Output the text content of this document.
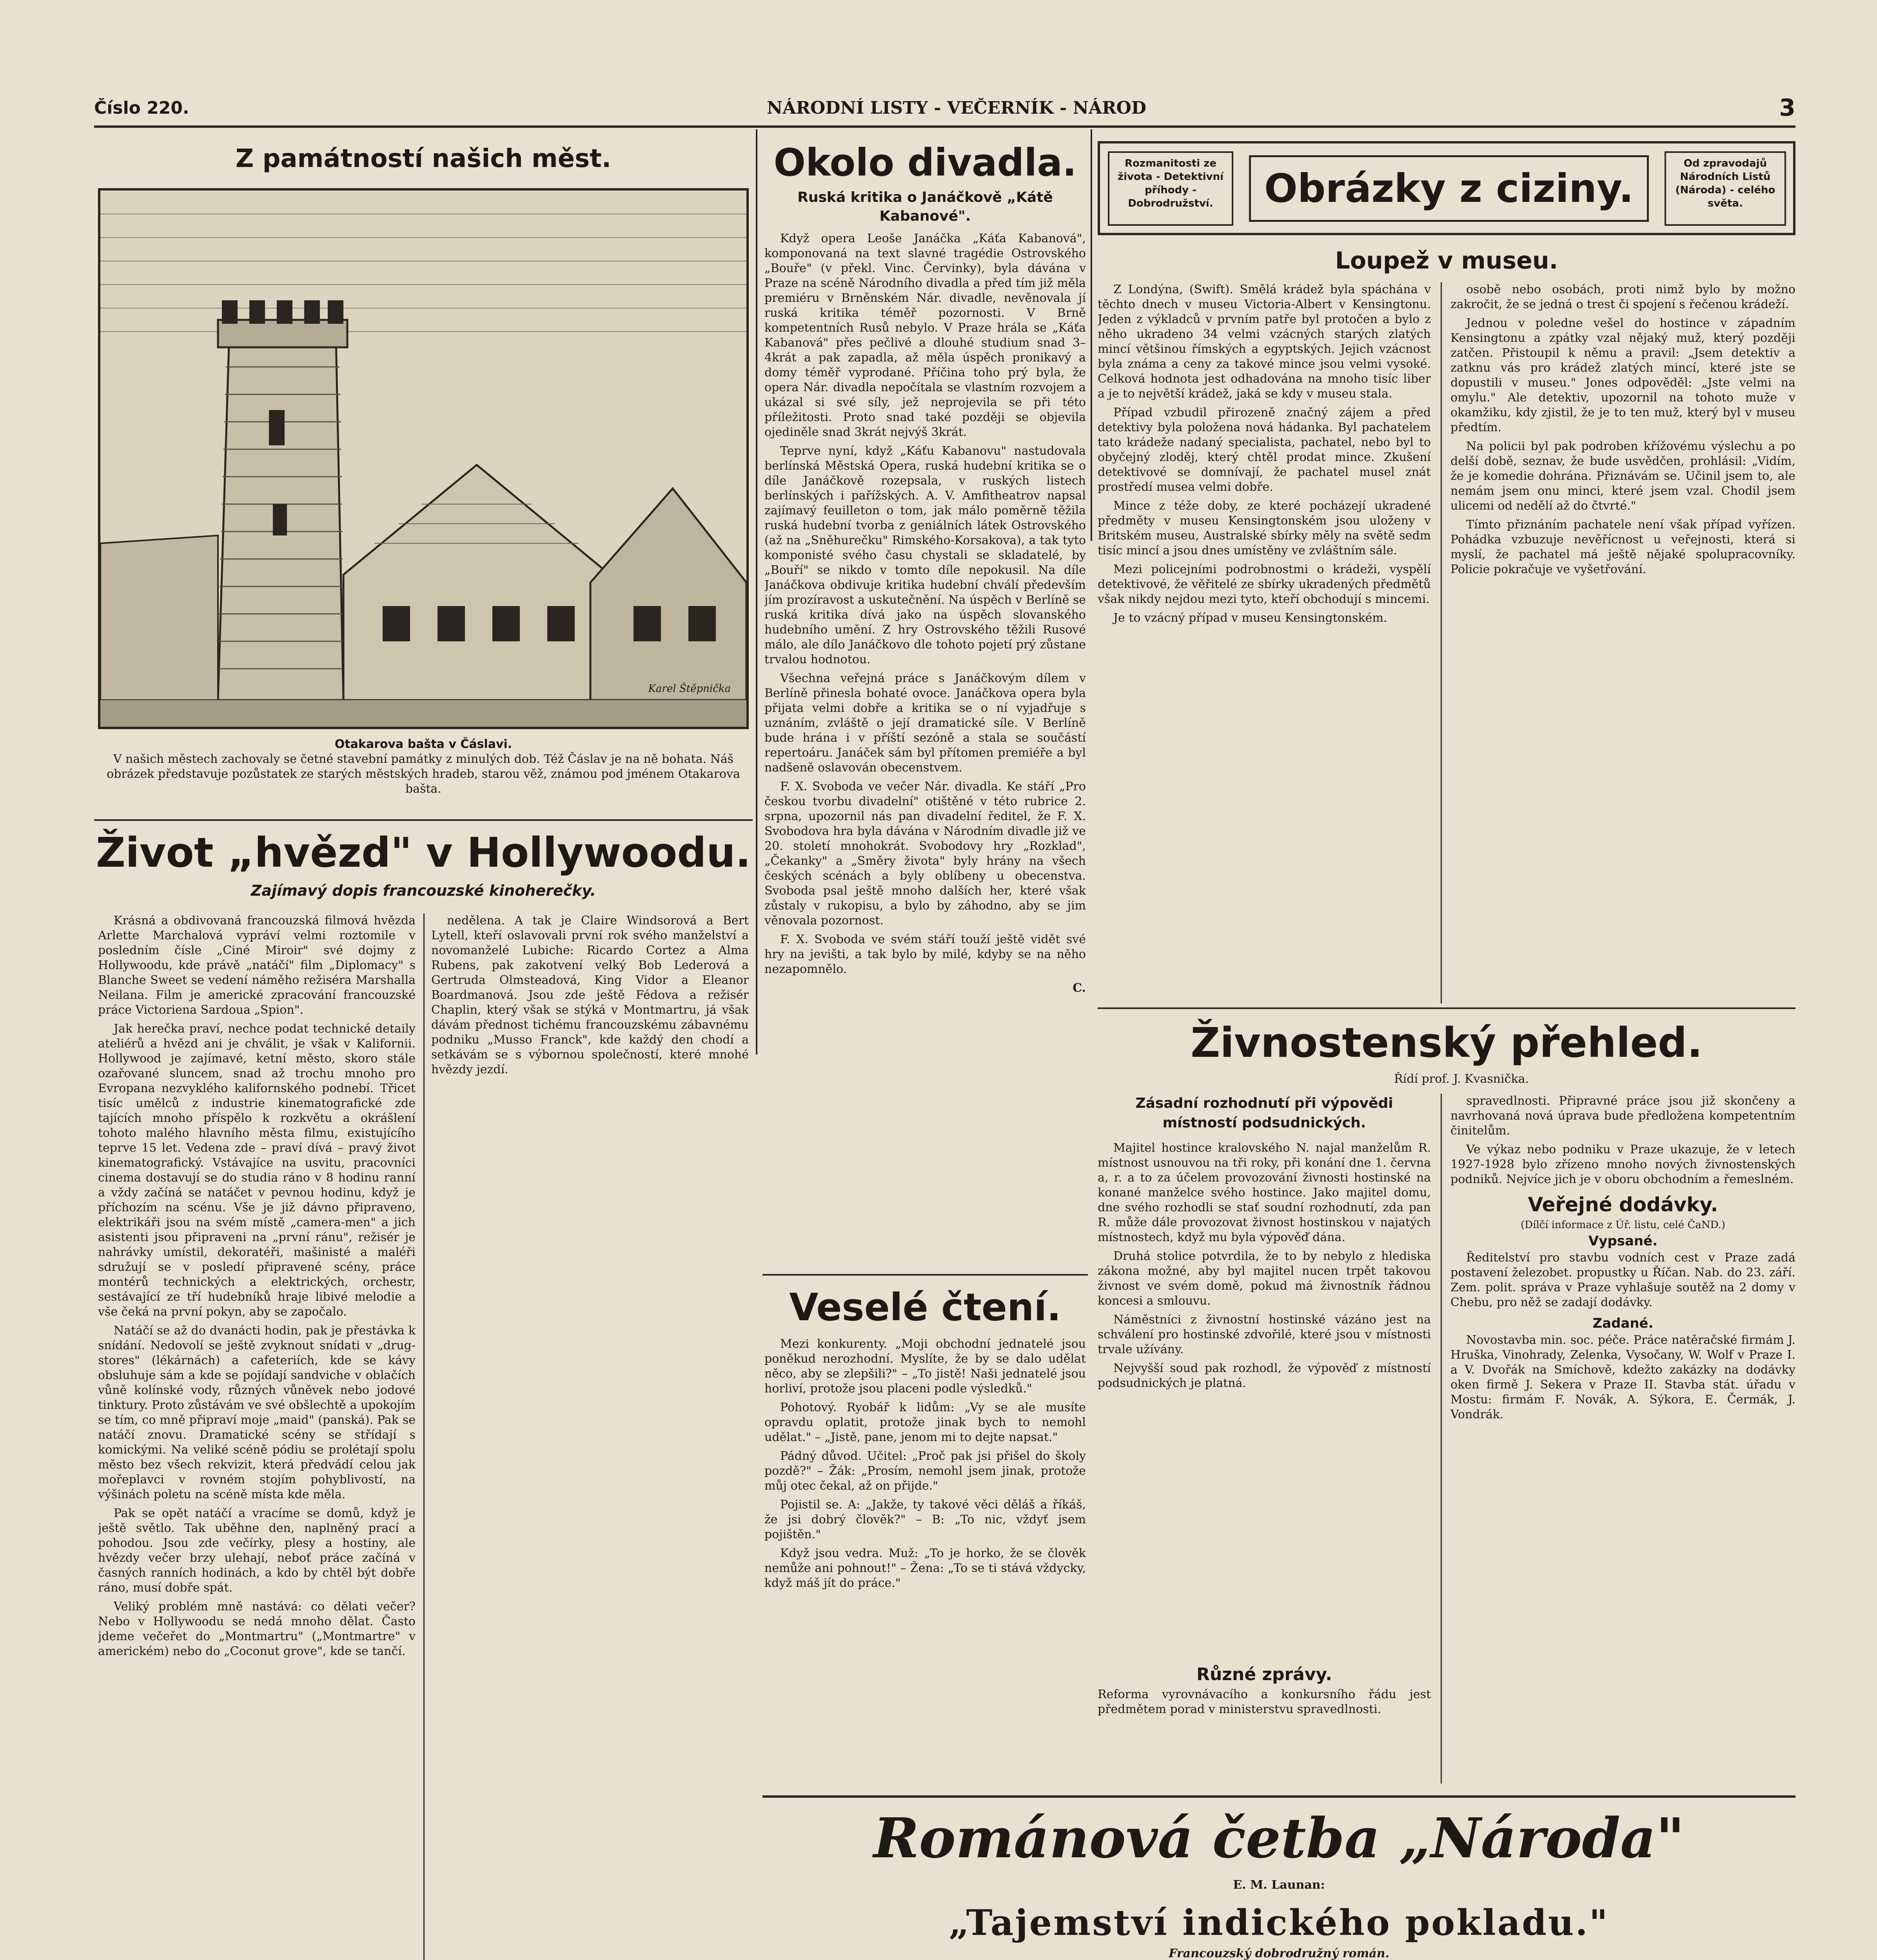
Číslo 220.	NÁRODNÍ LISTY - VEČERNÍK - NÁROD	3
Z památností našich měst.
Karel Štěpnička
Otakarova bašta v Čáslavi.
V našich městech zachovaly se četné stavební památky z minulých dob. Též Čáslav je na ně bohata. Náš obrázek představuje pozůstatek ze starých městských hradeb, starou věž, známou pod jménem Otakarova bašta.
Život „hvězd" v Hollywoodu.
Zajímavý dopis francouzské kinoherečky.

Krásná a obdivovaná francouzská filmová hvězda Arlette Marchalová vypráví velmi roztomile v posledním čísle „Ciné Miroir" své dojmy z Hollywoodu, kde právě „natáčí" film „Diplomacy" s Blanche Sweet se vedení náměho režiséra Marshalla Neilana. Film je americké zpracování francouzské práce Victoriena Sardoua „Spion".

Jak herečka praví, nechce podat technické detaily ateliérů a hvězd ani je chválit, je však v Kalifornii. Hollywood je zajímavé, ketní město, skoro stále ozařované sluncem, snad až trochu mnoho pro Evropana nezvyklého kalifornského podnebí. Třicet tisíc umělců z industrie kinematografické zde tajících mnoho příspělo k rozkvětu a okrášlení tohoto malého hlavního města filmu, existujícího teprve 15 let. Vedena zde – praví dívá – pravý život kinematografický. Vstávajíce na usvitu, pracovníci cinema dostavují se do studia ráno v 8 hodinu ranní a vždy začíná se natáčet v pevnou hodinu, když je příchozím na scénu. Vše je již dávno připraveno, elektrikáři jsou na svém místě „camera-men" a jich asistenti jsou připraveni na „první ránu", režisér je nahrávky umístil, dekoratéři, mašinisté a maléři sdružují se v posledí připravené scény, práce montérů technických a elektrických, orchestr, sestávající ze tří hudebníků hraje libivé melodie a vše čeká na první pokyn, aby se započalo.

Natáčí se až do dvanácti hodin, pak je přestávka k snídání. Nedovolí se ještě zvyknout snídati v „drug-stores" (lékárnách) a cafeteriích, kde se kávy obsluhuje sám a kde se pojídají sandviche v oblačích vůně kolínské vody, různých vůněvek nebo jodové tinktury. Proto zůstávám ve své obšlechtě a upokojím se tím, co mně připraví moje „maid" (panská). Pak se natáčí znovu. Dramatické scény se střídají s komickými. Na veliké scéně pódiu se prolétají spolu město bez všech rekvizit, která předvádí celou jak mořeplavci v rovném stojím pohyblivostí, na výšinách poletu na scéně místa kde měla.

Pak se opět natáčí a vracíme se domů, když je ještě světlo. Tak uběhne den, naplněný prací a pohodou. Jsou zde večírky, plesy a hostiny, ale hvězdy večer brzy ulehají, neboť práce začíná v časných ranních hodinách, a kdo by chtěl být dobře ráno, musí dobře spát.

Veliký problém mně nastává: co dělati večer? Nebo v Hollywoodu se nedá mnoho dělat. Často jdeme večeřet do „Montmartru" („Montmartre" v americkém) nebo do „Coconut grove", kde se tančí.

nedělena. A tak je Claire Windsorová a Bert Lytell, kteří oslavovali první rok svého manželství a novomanželé Lubiche: Ricardo Cortez a Alma Rubens, pak zakotvení velký Bob Lederová a Gertruda Olmsteadová, King Vidor a Eleanor Boardmanová. Jsou zde ještě Fédova a režisér Chaplin, který však se stýká v Montmartru, já však dávám přednost tichému francouzskému zábavnému podniku „Musso Franck", kde každý den chodí a setkávám se s výbornou společností, které mnohé hvězdy jezdí.

Okolo divadla.
Ruská kritika o Janáčkově „Kátě Kabanové".

Když opera Leoše Janáčka „Káťa Kabanová", komponovaná na text slavné tragédie Ostrovského „Bouře" (v překl. Vinc. Červinky), byla dávána v Praze na scéně Národního divadla a před tím již měla premiéru v Brněnském Nár. divadle, nevěnovala jí ruská kritika téměř pozornosti. V Brně kompetentních Rusů nebylo. V Praze hrála se „Káťa Kabanová" přes pečlivé a dlouhé studium snad 3–4krát a pak zapadla, až měla úspěch pronikavý a domy téměř vyprodané. Příčina toho prý byla, že opera Nár. divadla nepočítala se vlastním rozvojem a ukázal si své síly, jež neprojevila se při této příležitosti. Proto snad také později se objevila ojediněle snad 3krát nejvýš 3krát.

Teprve nyní, když „Káťu Kabanovu" nastudovala berlínská Městská Opera, ruská hudební kritika se o díle Janáčkově rozepsala, v ruských listech berlínských i pařížských. A. V. Amfitheatrov napsal zajímavý feuilleton o tom, jak málo poměrně těžila ruská hudební tvorba z geniálních látek Ostrovského (až na „Sněhurečku" Rimského-Korsakova), a tak tyto komponisté svého času chystali se skladatelé, by „Bouří" se nikdo v tomto díle nepokusil. Na díle Janáčkova obdivuje kritika hudební chválí především jím prozíravost a uskutečnění. Na úspěch v Berlíně se ruská kritika dívá jako na úspěch slovanského hudebního umění. Z hry Ostrovského těžili Rusové málo, ale dílo Janáčkovo dle tohoto pojetí prý zůstane trvalou hodnotou.

Všechna veřejná práce s Janáčkovým dílem v Berlíně přinesla bohaté ovoce. Janáčkova opera byla přijata velmi dobře a kritika se o ní vyjadřuje s uznáním, zvláště o její dramatické síle. V Berlíně bude hrána i v příští sezóně a stala se součástí repertoáru. Janáček sám byl přítomen premiéře a byl nadšeně oslavován obecenstvem.

F. X. Svoboda ve večer Nár. divadla. Ke stáří „Pro českou tvorbu divadelní" otištěné v této rubrice 2. srpna, upozornil nás pan divadelní ředitel, že F. X. Svobodova hra byla dávána v Národním divadle již ve 20. století mnohokrát. Svobodovy hry „Rozklad", „Čekanky" a „Směry života" byly hrány na všech českých scénách a byly oblíbeny u obecenstva. Svoboda psal ještě mnoho dalších her, které však zůstaly v rukopisu, a bylo by záhodno, aby se jim věnovala pozornost.

F. X. Svoboda ve svém stáří touží ještě vidět své hry na jevišti, a tak bylo by milé, kdyby se na něho nezapomnělo.

C.

Veselé čtení.

Mezi konkurenty. „Moji obchodní jednatelé jsou poněkud nerozhodní. Myslíte, že by se dalo udělat něco, aby se zlepšili?" – „To jistě! Naši jednatelé jsou horliví, protože jsou placeni podle výsledků."

Pohotový. Ryobář k lidům: „Vy se ale musíte opravdu oplatit, protože jinak bych to nemohl udělat." – „Jistě, pane, jenom mi to dejte napsat."

Pádný důvod. Učitel: „Proč pak jsi přišel do školy pozdě?" – Žák: „Prosím, nemohl jsem jinak, protože můj otec čekal, až on přijde."

Pojistil se. A: „Jakže, ty takové věci děláš a říkáš, že jsi dobrý člověk?" – B: „To nic, vždyť jsem pojištěn."

Když jsou vedra. Muž: „To je horko, že se člověk nemůže ani pohnout!" – Žena: „To se ti stává vždycky, když máš jít do práce."

Rozmanitosti ze života - Detektivní příhody - Dobrodružství.	Obrázky z ciziny.
Od zpravodajů Národních Listů (Národa) - celého světa.
Loupež v museu.

Z Londýna, (Swift). Smělá krádež byla spáchána v těchto dnech v museu Victoria-Albert v Kensingtonu. Jeden z výkladců v prvním patře byl protočen a bylo z něho ukradeno 34 velmi vzácných starých zlatých mincí většinou římských a egyptských. Jejich vzácnost byla známa a ceny za takové mince jsou velmi vysoké. Celková hodnota jest odhadována na mnoho tisíc liber a je to největší krádež, jaká se kdy v museu stala.

Případ vzbudil přirozeně značný zájem a před detektivy byla položena nová hádanka. Byl pachatelem tato krádeže nadaný specialista, pachatel, nebo byl to obyčejný zloděj, který chtěl prodat mince. Zkušení detektivové se domnívají, že pachatel musel znát prostředí musea velmi dobře.

Mince z téže doby, ze které pocházejí ukradené předměty v museu Kensingtonském jsou uloženy v Britském museu, Australské sbírky měly na světě sedm tisíc mincí a jsou dnes umístěny ve zvláštním sále.

Mezi policejními podrobnostmi o krádeži, vyspělí detektivové, že věřitelé ze sbírky ukradených předmětů však nikdy nejdou mezi tyto, kteří obchodují s mincemi.

Je to vzácný případ v museu Kensingtonském.

osobě nebo osobách, proti nimž bylo by možno zakročit, že se jedná o trest či spojení s řečenou krádeží.

Jednou v poledne vešel do hostince v západním Kensingtonu a zpátky vzal nějaký muž, který později zatčen. Přistoupil k němu a pravil: „Jsem detektiv a zatknu vás pro krádež zlatých mincí, které jste se dopustili v museu." Jones odpověděl: „Jste velmi na omylu." Ale detektiv, upozornil na tohoto muže v okamžiku, kdy zjistil, že je to ten muž, který byl v museu předtím.

Na policii byl pak podroben křížovému výslechu a po delší době, seznav, že bude usvědčen, prohlásil: „Vidím, že je komedie dohrána. Přiznávám se. Učinil jsem to, ale nemám jsem onu minci, které jsem vzal. Chodil jsem ulicemi od nedělí až do čtvrté."

Tímto přiznáním pachatele není však případ vyřízen. Pohádka vzbuzuje nevěřícnost u veřejnosti, která si myslí, že pachatel má ještě nějaké spolupracovníky. Policie pokračuje ve vyšetřování.

Živnostenský přehled.
Řídí prof. J. Kvasnička.
Zásadní rozhodnutí při výpovědi místností podsudnických.

Majitel hostince kralovského N. najal manželům R. místnost usnouvou na tři roky, při konání dne 1. června a, r. a to za účelem provozování živnosti hostinské na konané manželce svého hostince. Jako majitel domu, dne svého rozhodli se stať soudní rozhodnutí, zda pan R. může dále provozovat živnost hostinskou v najatých místnostech, když mu byla výpověď dána.

Druhá stolice potvrdila, že to by nebylo z hlediska zákona možné, aby byl majitel nucen trpět takovou živnost ve svém domě, pokud má živnostník řádnou koncesi a smlouvu.

Náměstníci z živnostní hostinské vázáno jest na schválení pro hostinské zdvořilé, které jsou v místnosti trvale užívány.

Nejvyšší soud pak rozhodl, že výpověď z místností podsudnických je platná.

spravedlnosti. Připravné práce jsou již skončeny a navrhovaná nová úprava bude předložena kompetentním činitelům.

Ve výkaz nebo podniku v Praze ukazuje, že v letech 1927-1928 bylo zřízeno mnoho nových živnostenských podniků. Nejvíce jich je v oboru obchodním a řemeslném.

Veřejné dodávky.
(Dílčí informace z Úř. listu, celé ČaND.)
Vypsané.

Ředitelství pro stavbu vodních cest v Praze zadá postavení železobet. propustky u Říčan. Nab. do 23. září. Zem. polit. správa v Praze vyhlašuje soutěž na 2 domy v Chebu, pro něž se zadají dodávky.

Zadané.

Novostavba min. soc. péče. Práce natěračské firmám J. Hruška, Vinohrady, Zelenka, Vysočany, W. Wolf v Praze I. a V. Dvořák na Smíchově, kdežto zakázky na dodávky oken firmě J. Sekera v Praze II. Stavba stát. úřadu v Mostu: firmám F. Novák, A. Sýkora, E. Čermák, J. Vondrák.

Různé zprávy.
Reforma vyrovnávacího a konkursního řádu jest předmětem porad v ministerstvu spravedlnosti.
Románová četba „Národa"
E. M. Launan:
„Tajemství indického pokladu."
Francouzský dobrodružný román.
